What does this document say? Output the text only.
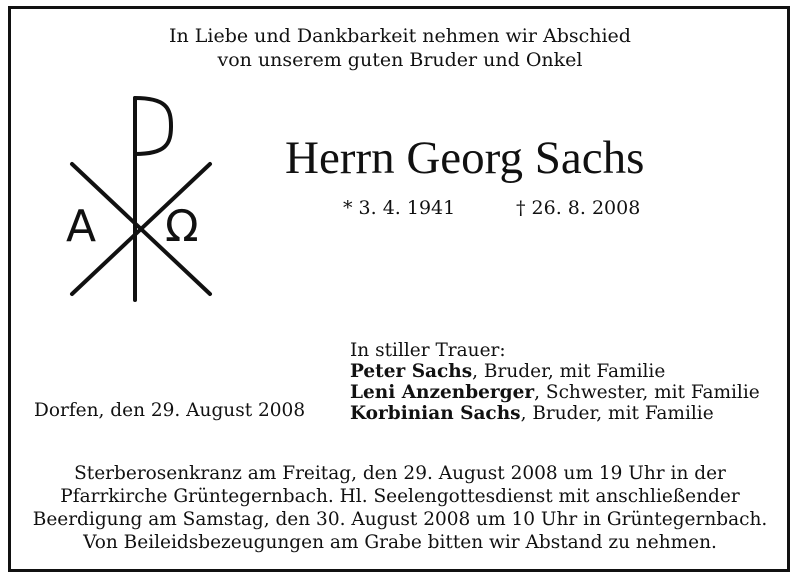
In Liebe und Dankbarkeit nehmen wir Abschied
von unserem guten Bruder und Onkel
A Ω
Herrn Georg Sachs
* 3. 4. 1941	† 26. 8. 2008
In stiller Trauer:
Peter Sachs, Bruder, mit Familie
Leni Anzenberger, Schwester, mit Familie
Korbinian Sachs, Bruder, mit Familie
Dorfen, den 29. August 2008
Sterberosenkranz am Freitag, den 29. August 2008 um 19 Uhr in der
Pfarrkirche Grüntegernbach. Hl. Seelengottesdienst mit anschließender
Beerdigung am Samstag, den 30. August 2008 um 10 Uhr in Grüntegernbach.
Von Beileidsbezeugungen am Grabe bitten wir Abstand zu nehmen.
